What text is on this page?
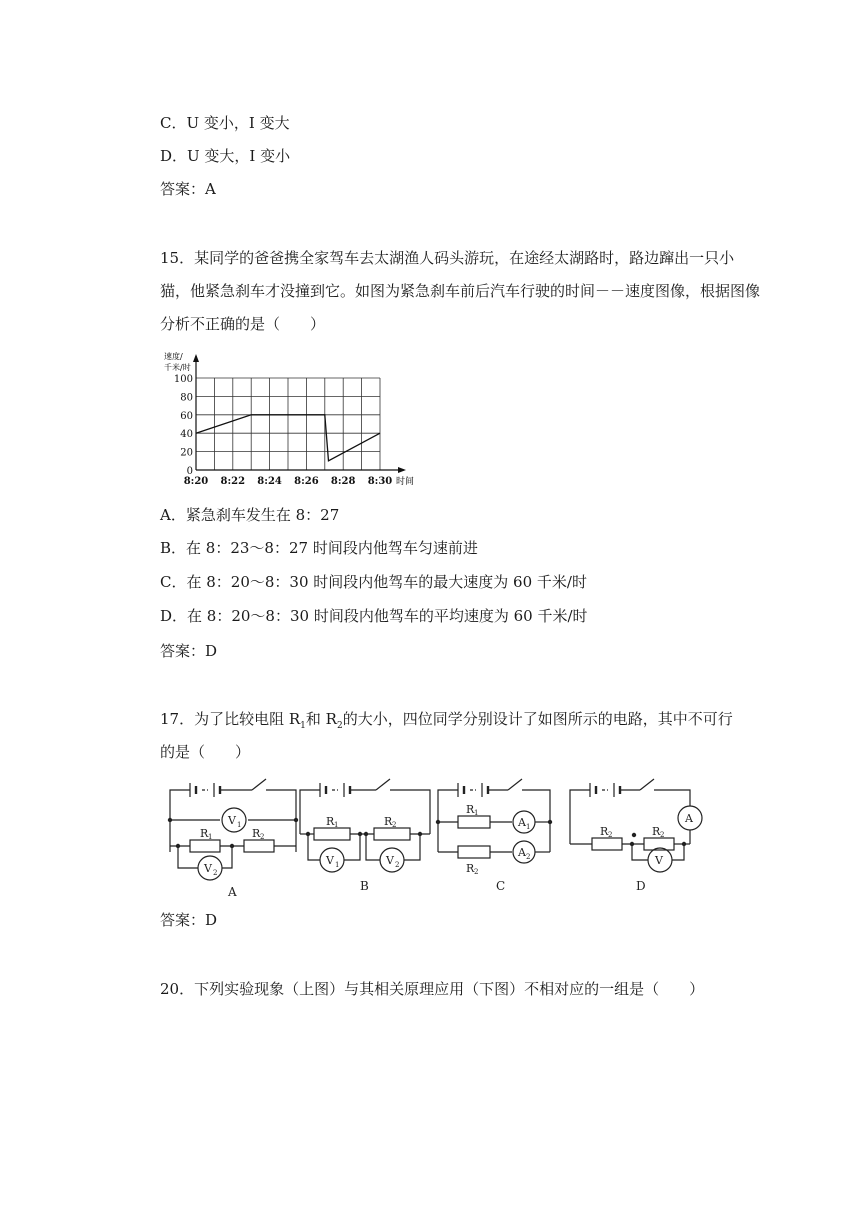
C．U 变小，I 变大
D．U 变大，I 变小
答案：A
15．某同学的爸爸携全家驾车去太湖渔人码头游玩，在途经太湖路时，路边蹿出一只小
猫，他紧急刹车才没撞到它。如图为紧急刹车前后汽车行驶的时间－－速度图像，根据图像
分析不正确的是（　　）
100
80
60
40
20
0
8:20 8:22 8:24 8:26 8:28 8:30
速度/
千米/时
时间
A．紧急刹车发生在 8：27
B．在 8：23～8：27 时间段内他驾车匀速前进
C．在 8：20～8：30 时间段内他驾车的最大速度为 60 千米/时
D．在 8：20～8：30 时间段内他驾车的平均速度为 60 千米/时
答案：D
17．为了比较电阻 $R_1$和 $R_2$的大小，四位同学分别设计了如图所示的电路，其中不可行
的是（　　）
V 1
R 1	R 2
V 2
A
R 1	R 2
V 1	V 2
B
R 1
A 1
R 2
A 2
C
A
R 2	R 2
V
D
答案：D
20．下列实验现象（上图）与其相关原理应用（下图）不相对应的一组是（　　）
